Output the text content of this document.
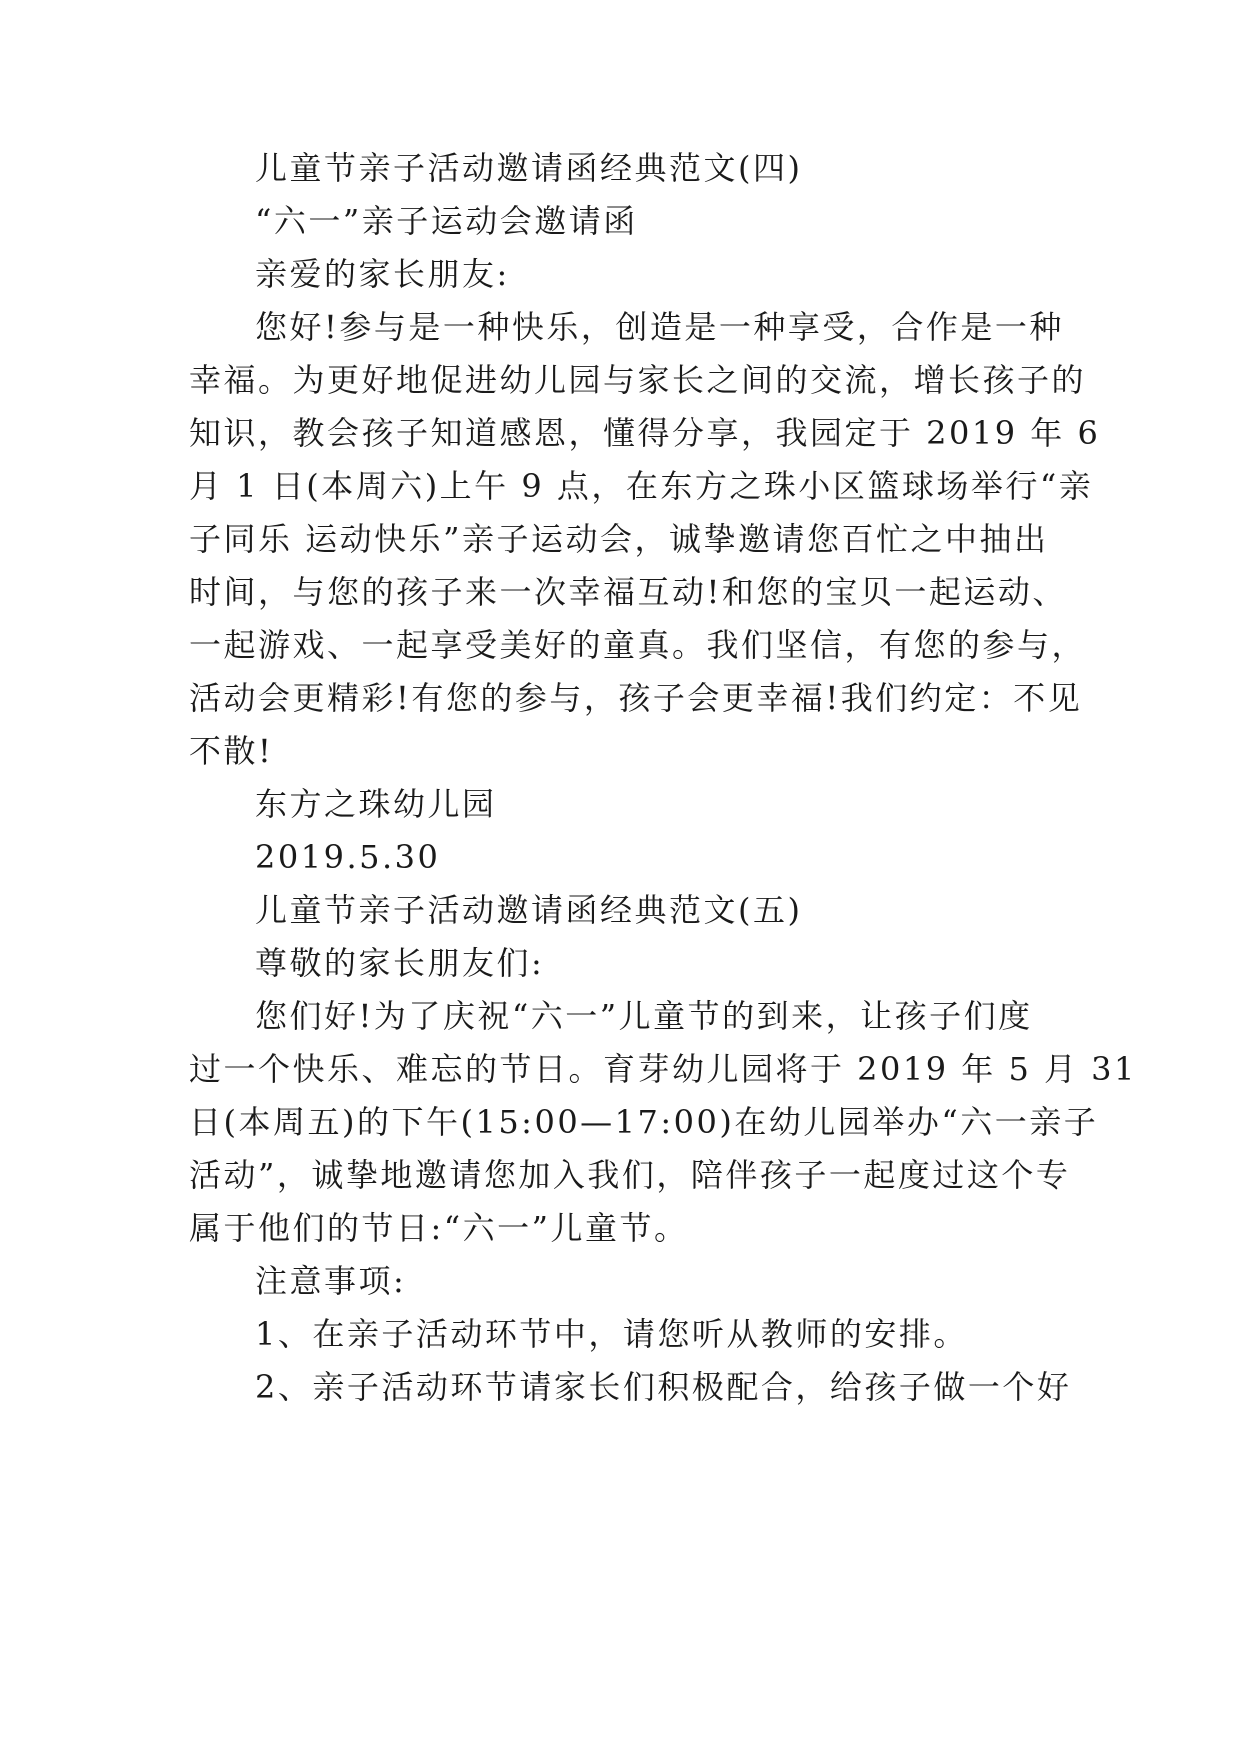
儿童节亲子活动邀请函经典范文(四)
“六一”亲子运动会邀请函
亲爱的家长朋友:
您好!参与是一种快乐，创造是一种享受，合作是一种
幸福。为更好地促进幼儿园与家长之间的交流，增长孩子的
知识，教会孩子知道感恩，懂得分享，我园定于 2019 年 6
月 1 日(本周六)上午 9 点，在东方之珠小区篮球场举行“亲
子同乐 运动快乐”亲子运动会，诚挚邀请您百忙之中抽出
时间，与您的孩子来一次幸福互动!和您的宝贝一起运动、
一起游戏、一起享受美好的童真。我们坚信，有您的参与，
活动会更精彩!有您的参与，孩子会更幸福!我们约定：不见
不散!
东方之珠幼儿园
2019.5.30
儿童节亲子活动邀请函经典范文(五)
尊敬的家长朋友们:
您们好!为了庆祝“六一”儿童节的到来，让孩子们度
过一个快乐、难忘的节日。育芽幼儿园将于 2019 年 5 月 31
日(本周五)的下午(15:00—17:00)在幼儿园举办“六一亲子
活动”，诚挚地邀请您加入我们，陪伴孩子一起度过这个专
属于他们的节日:“六一”儿童节。
注意事项:
1、在亲子活动环节中，请您听从教师的安排。
2、亲子活动环节请家长们积极配合，给孩子做一个好
